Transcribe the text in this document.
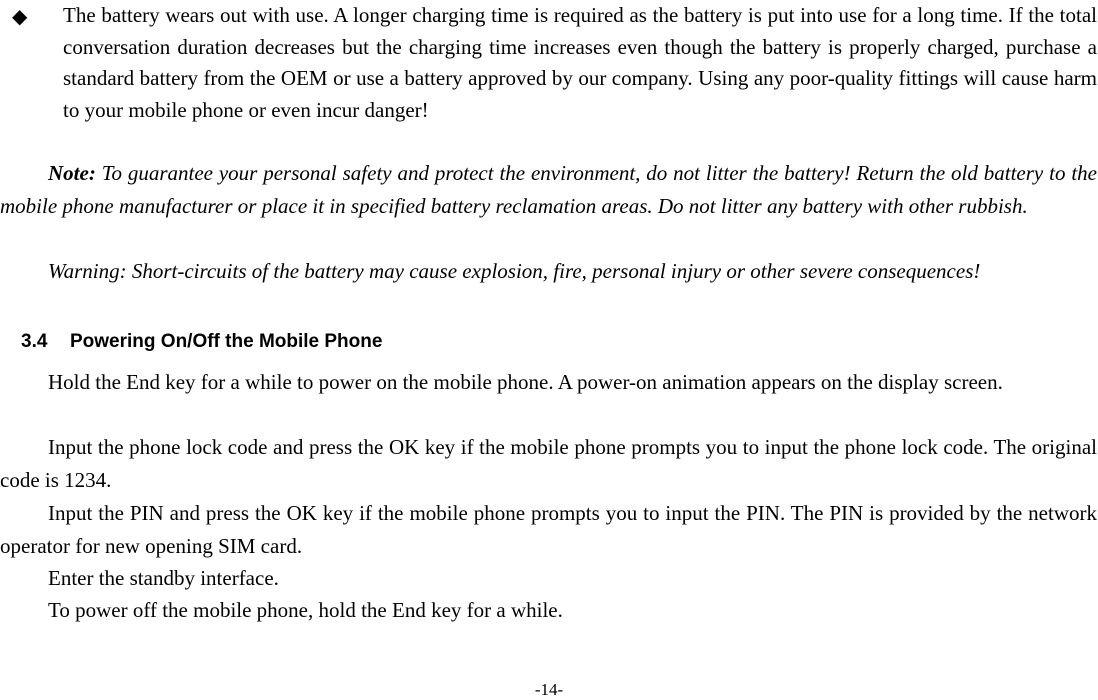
◆ The battery wears out with use. A longer charging time is required as the battery is put into use for a long time. If the total conversation duration decreases but the charging time increases even though the battery is properly charged, purchase a standard battery from the OEM or use a battery approved by our company. Using any poor-quality fittings will cause harm to your mobile phone or even incur danger!
Note: To guarantee your personal safety and protect the environment, do not litter the battery! Return the old battery to the mobile phone manufacturer or place it in specified battery reclamation areas. Do not litter any battery with other rubbish.
Warning: Short-circuits of the battery may cause explosion, fire, personal injury or other severe consequences!
3.4 Powering On/Off the Mobile Phone
Hold the End key for a while to power on the mobile phone. A power-on animation appears on the display screen.
Input the phone lock code and press the OK key if the mobile phone prompts you to input the phone lock code. The original code is 1234.
Input the PIN and press the OK key if the mobile phone prompts you to input the PIN. The PIN is provided by the network operator for new opening SIM card.
Enter the standby interface.
To power off the mobile phone, hold the End key for a while.
-14-
